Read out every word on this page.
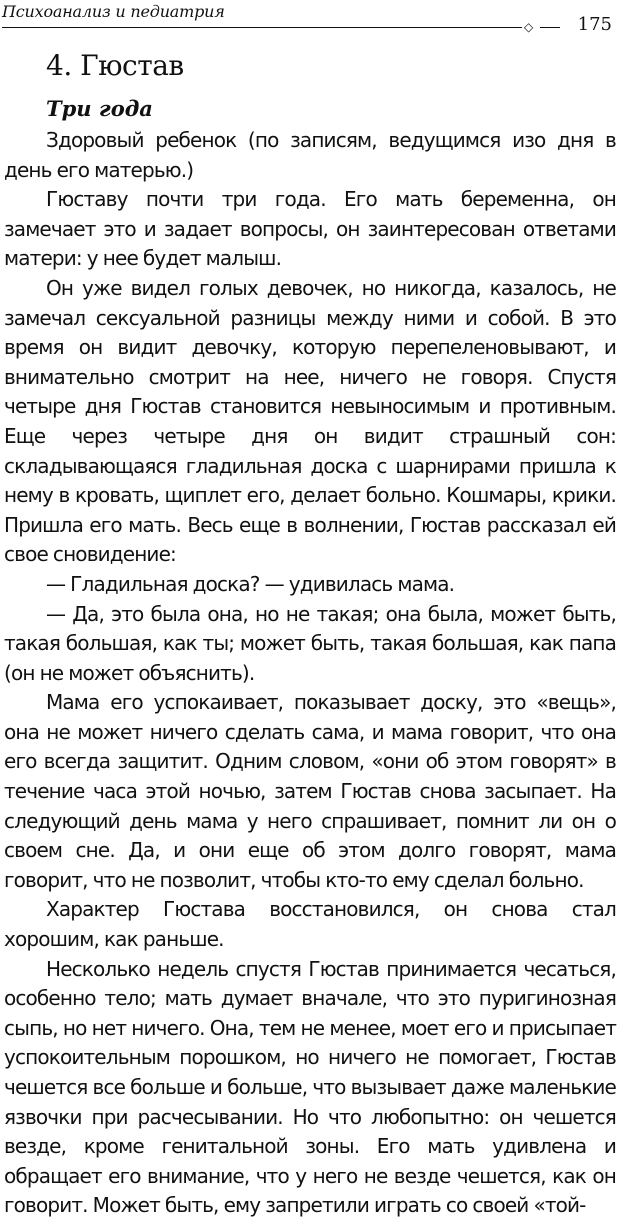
Психоанализ и педиатрия
◇ 175
4. Гюстав
Три года

Здоровый ребенок (по записям, ведущимся изо дня в день его матерью.)

Гюставу почти три года. Его мать беременна, он замечает это и задает вопросы, он заинтересован ответами матери: у нее будет малыш.

Он уже видел голых девочек, но никогда, казалось, не замечал сексуальной разницы между ними и собой. В это время он видит девочку, которую перепеленовывают, и внимательно смотрит на нее, ничего не говоря. Спустя четыре дня Гюстав становится невыносимым и противным. Еще через четыре дня он видит страшный сон: складывающаяся гладильная доска с шарнирами пришла к нему в кровать, щиплет его, делает больно. Кошмары, крики. Пришла его мать. Весь еще в волнении, Гюстав рассказал ей свое сновидение:

— Гладильная доска? — удивилась мама.

— Да, это была она, но не такая; она была, может быть, такая большая, как ты; может быть, такая большая, как папа (он не может объяснить).

Мама его успокаивает, показывает доску, это «вещь», она не может ничего сделать сама, и мама говорит, что она его всегда защитит. Одним словом, «они об этом говорят» в течение часа этой ночью, затем Гюстав снова засыпает. На следующий день мама у него спрашивает, помнит ли он о своем сне. Да, и они еще об этом долго говорят, мама говорит, что не позволит, чтобы кто-то ему сделал больно.

Характер Гюстава восстановился, он снова стал хорошим, как раньше.

Несколько недель спустя Гюстав принимается чесаться, особенно тело; мать думает вначале, что это пуригинозная сыпь, но нет ничего. Она, тем не менее, моет его и присыпает успокоительным порошком, но ничего не помогает, Гюстав чешется все больше и больше, что вызывает даже маленькие язвочки при расчесывании. Но что любопытно: он чешется везде, кроме генитальной зоны. Его мать удивлена и обращает его внимание, что у него не везде чешется, как он говорит. Может быть, ему запретили играть со своей «той-
